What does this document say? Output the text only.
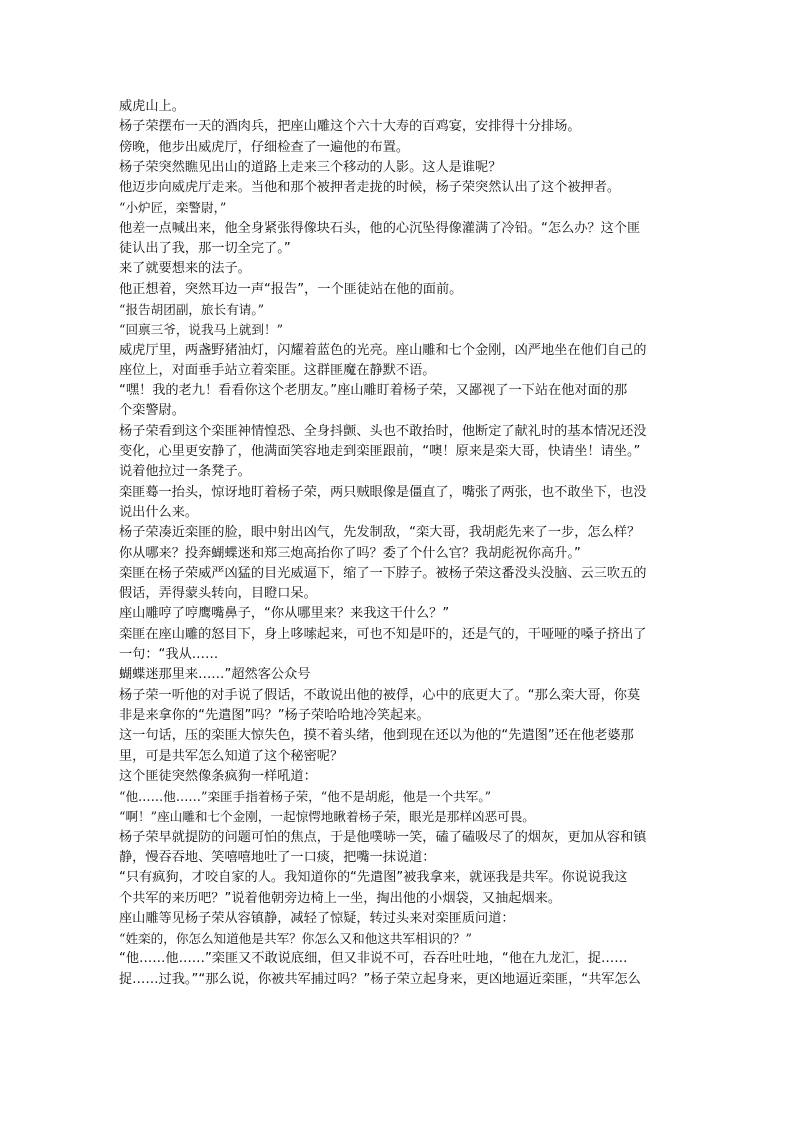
威虎山上。
杨子荣摆布一天的酒肉兵，把座山雕这个六十大寿的百鸡宴，安排得十分排场。
傍晚，他步出威虎厅，仔细检查了一遍他的布置。
杨子荣突然瞧见出山的道路上走来三个移动的人影。这人是谁呢？
他迈步向威虎厅走来。当他和那个被押者走拢的时候，杨子荣突然认出了这个被押者。
“小炉匠，栾警尉，”
他差一点喊出来，他全身紧张得像块石头，他的心沉坠得像灌满了冷铅。“怎么办？这个匪
徒认出了我，那一切全完了。”
来了就要想来的法子。
他正想着，突然耳边一声“报告”，一个匪徒站在他的面前。
“报告胡团副，旅长有请。”
“回禀三爷，说我马上就到！”
威虎厅里，两盏野猪油灯，闪耀着蓝色的光亮。座山雕和七个金刚，凶严地坐在他们自己的
座位上，对面垂手站立着栾匪。这群匪魔在静默不语。
“嘿！我的老九！看看你这个老朋友。”座山雕盯着杨子荣，又鄙视了一下站在他对面的那
个栾警尉。
杨子荣看到这个栾匪神情惶恐、全身抖颤、头也不敢抬时，他断定了献礼时的基本情况还没
变化，心里更安静了，他满面笑容地走到栾匪跟前，“噢！原来是栾大哥，快请坐！请坐。”
说着他拉过一条凳子。
栾匪蓦一抬头，惊讶地盯着杨子荣，两只贼眼像是僵直了，嘴张了两张，也不敢坐下，也没
说出什么来。
杨子荣凑近栾匪的脸，眼中射出凶气，先发制敌，“栾大哥，我胡彪先来了一步，怎么样？
你从哪来？投奔蝴蝶迷和郑三炮高抬你了吗？委了个什么官？我胡彪祝你高升。”
栾匪在杨子荣威严凶猛的目光威逼下，缩了一下脖子。被杨子荣这番没头没脑、云三吹五的
假话，弄得蒙头转向，目瞪口呆。
座山雕哼了哼鹰嘴鼻子，“你从哪里来？来我这干什么？”
栾匪在座山雕的怒目下，身上哆嗦起来，可也不知是吓的，还是气的，干哑哑的嗓子挤出了
一句：“我从……
蝴蝶迷那里来……”超然客公众号
杨子荣一听他的对手说了假话，不敢说出他的被俘，心中的底更大了。“那么栾大哥，你莫
非是来拿你的“先遣图”吗？”杨子荣哈哈地冷笑起来。
这一句话，压的栾匪大惊失色，摸不着头绪，他到现在还以为他的“先遣图”还在他老婆那
里，可是共军怎么知道了这个秘密呢？
这个匪徒突然像条疯狗一样吼道：
“他……他……”栾匪手指着杨子荣，“他不是胡彪，他是一个共军。”
“啊！”座山雕和七个金刚，一起惊愕地瞅着杨子荣，眼光是那样凶恶可畏。
杨子荣早就提防的问题可怕的焦点，于是他噗哧一笑，磕了磕吸尽了的烟灰，更加从容和镇
静，慢吞吞地、笑嘻嘻地吐了一口痰，把嘴一抹说道：
“只有疯狗，才咬自家的人。我知道你的“先遣图”被我拿来，就诬我是共军。你说说我这
个共军的来历吧？”说着他朝旁边椅上一坐，掏出他的小烟袋，又抽起烟来。
座山雕等见杨子荣从容镇静，减轻了惊疑，转过头来对栾匪质问道：
“姓栾的，你怎么知道他是共军？你怎么又和他这共军相识的？”
“他……他……”栾匪又不敢说底细，但又非说不可，吞吞吐吐地，“他在九龙汇，捉……
捉……过我。”“那么说，你被共军捕过吗？”杨子荣立起身来，更凶地逼近栾匪，“共军怎么
